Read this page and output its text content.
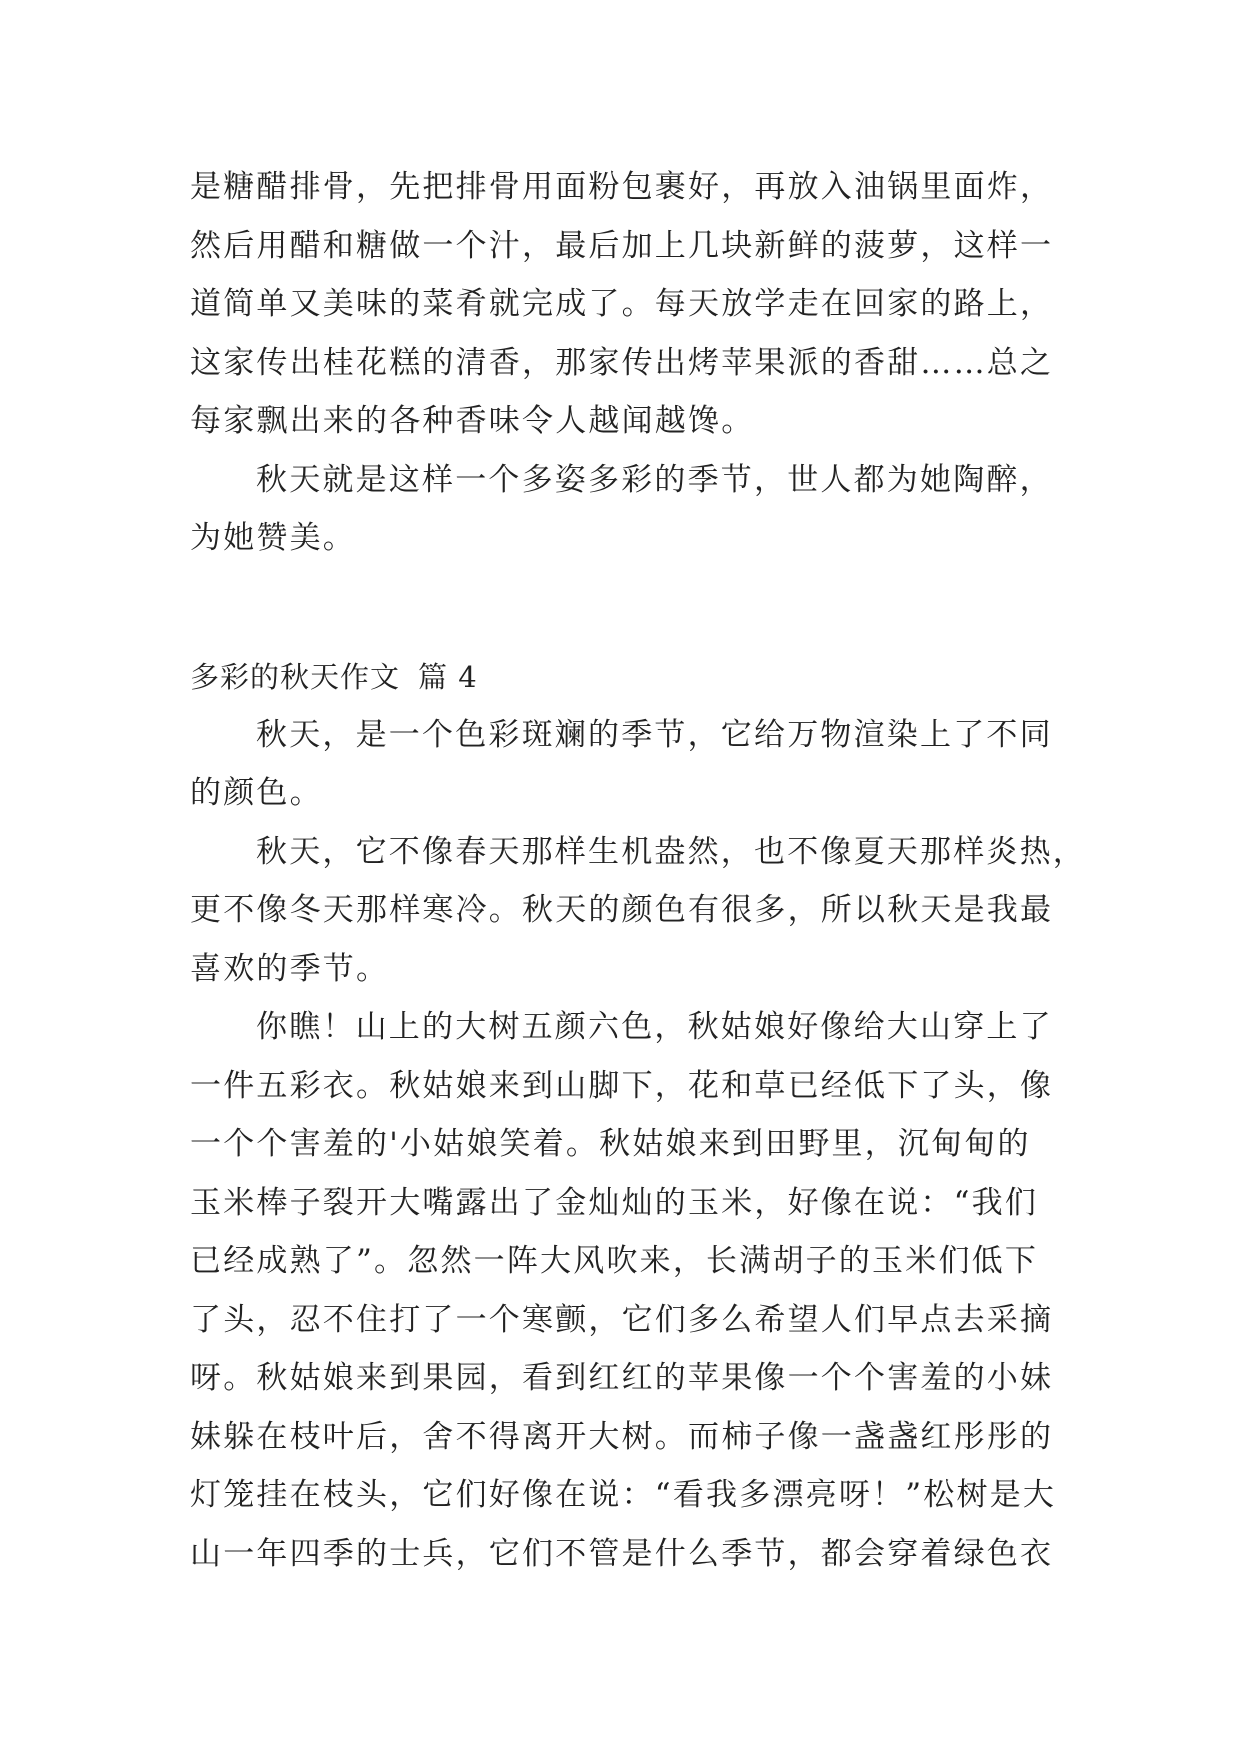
是糖醋排骨，先把排骨用面粉包裹好，再放入油锅里面炸，
然后用醋和糖做一个汁，最后加上几块新鲜的菠萝，这样一
道简单又美味的菜肴就完成了。每天放学走在回家的路上，
这家传出桂花糕的清香，那家传出烤苹果派的香甜……总之
每家飘出来的各种香味令人越闻越馋。
秋天就是这样一个多姿多彩的季节，世人都为她陶醉，
为她赞美。
多彩的秋天作文 篇 4
秋天，是一个色彩斑斓的季节，它给万物渲染上了不同
的颜色。
秋天，它不像春天那样生机盎然，也不像夏天那样炎热，
更不像冬天那样寒冷。秋天的颜色有很多，所以秋天是我最
喜欢的季节。
你瞧！山上的大树五颜六色，秋姑娘好像给大山穿上了
一件五彩衣。秋姑娘来到山脚下，花和草已经低下了头，像
一个个害羞的'小姑娘笑着。秋姑娘来到田野里，沉甸甸的
玉米棒子裂开大嘴露出了金灿灿的玉米，好像在说：“我们
已经成熟了”。忽然一阵大风吹来，长满胡子的玉米们低下
了头，忍不住打了一个寒颤，它们多么希望人们早点去采摘
呀。秋姑娘来到果园，看到红红的苹果像一个个害羞的小妹
妹躲在枝叶后，舍不得离开大树。而柿子像一盏盏红彤彤的
灯笼挂在枝头，它们好像在说：“看我多漂亮呀！”松树是大
山一年四季的士兵，它们不管是什么季节，都会穿着绿色衣
